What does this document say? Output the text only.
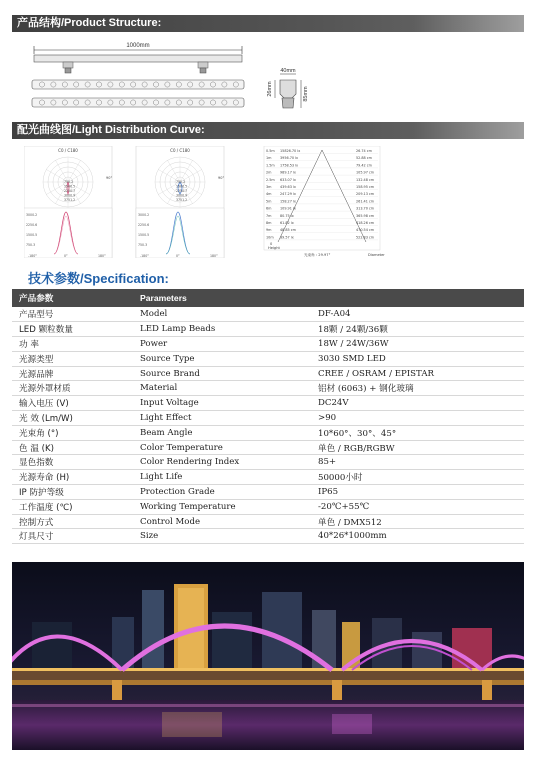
产品结构/Product Structure:
1000mm
40mm
26mm	85mm
配光曲线图/Light Distribution Curve:
C0 / C180
90°
750.2
1500.5
2250.7
3000.9
3751.2
3000.2
2250.6
1500.5
750.3
-180°	0°	180°
C0 / C180
90°
750.2
1500.5
2250.7
3000.9
3751.2
3000.2
2250.6
1500.5
750.3
-180°	0°	180°
0.5m 15826.70 lx	26.74 cm
1m	3956.70 lx	52.88 cm
1.5m 1758.53 lx	79.42 cm
2m	989.17 lx	105.97 cm
2.5m 633.07 lx	132.48 cm
3m	439.63 lx	158.95 cm
4m	247.29 lx	209.13 cm
5m	158.27 lx	261.41 cm
6m	109.91 lx	313.70 cm
7m	80.75 lx	365.98 cm
8m	61.82 lx	418.26 cm
9m	48.85 cm	470.54 cm
10m 39.57 lx	522.83 cm
Height
0
光束角 : 29.97°	Diameter
技术参数/Specification:
产品参数	Parameters	
产品型号	Model	DF-A04
LED 颗粒数量	LED Lamp Beads	18颗 / 24颗/36颗
功 率	Power	18W / 24W/36W
光源类型	Source Type	3030 SMD LED
光源品牌	Source Brand	CREE / OSRAM / EPISTAR
光源外罩材质	Material	铝材 (6063) + 钢化玻璃
输入电压 (V)	Input Voltage	DC24V
光 效 (Lm/W)	Light Effect	>90
光束角 (°)	Beam Angle	10*60°、30°、45°
色 温 (K)	Color Temperature	单色 / RGB/RGBW
显色指数	Color Rendering Index	85+
光源寿命 (H)	Light Life	50000小时
IP 防护等级	Protection Grade	IP65
工作温度 (℃)	Working Temperature	-20℃+55℃
控制方式	Control Mode	单色 / DMX512
灯具尺寸	Size	40*26*1000mm
